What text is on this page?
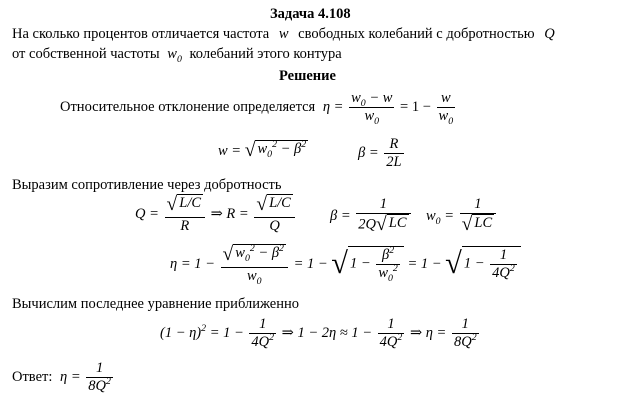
Задача 4.108
На сколько процентов отличается частота w свободных колебаний с добротностью Q
от собственной частоты $w_0$ колебаний этого контура
Решение
Относительное отклонение определяется $\eta = \frac{w_0 - w}{w_0} = 1 - \frac{w}{w_0}$
w = √ $w_0^2 - \beta^2$
$\beta = \frac{R}{2L}$
Выразим сопротивление через добротность
$Q = \frac{√ L/C}{R}$ ⇒ $R = \frac{√ L/C}{Q}$ $\beta = \frac{1}{2Q√ LC} w_0 = \frac{1}{√ LC}$
$\eta = 1 - \frac{√ w_0^2 - \beta^2}{w_0} = 1$ − √ $1 - \frac{\beta^2}{w_0^2} = 1$ − √ $1 - \frac{1}{4Q^2}$
Вычислим последнее уравнение приближенно
$(1 - \eta)^2 = 1 - \frac{1}{4Q^2}$ ⇒ $1 - 2\eta \approx 1 - \frac{1}{4Q^2}$ ⇒ $\eta = \frac{1}{8Q^2}$
Ответ: $\eta = \frac{1}{8Q^2}$
